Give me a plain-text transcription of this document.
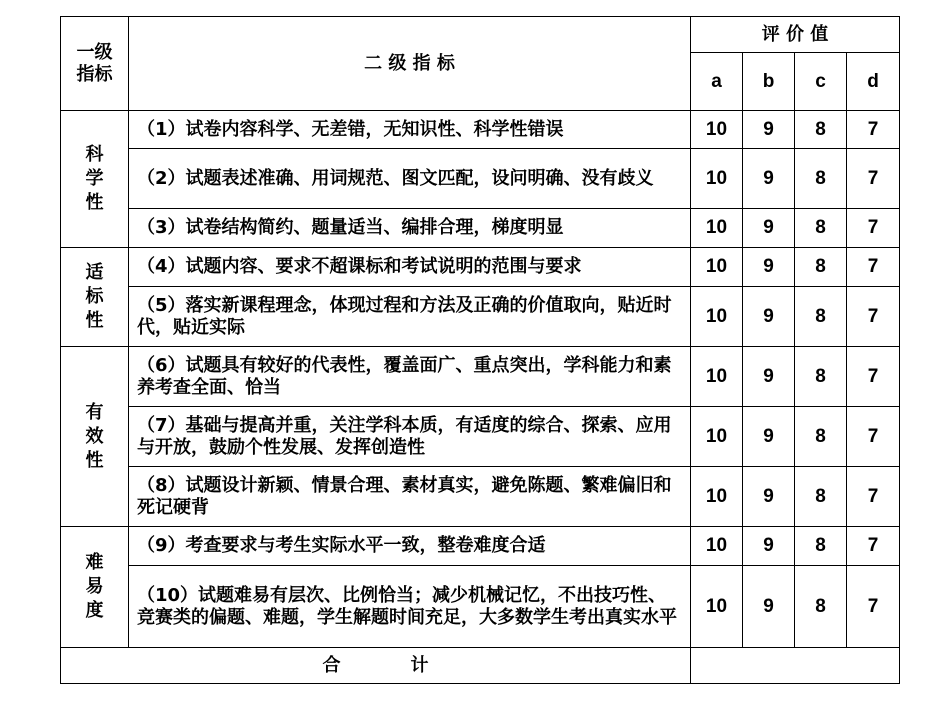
一级指标	二 级 指 标	评 价 值			
		a	b	c	d

科学性	（1）试卷内容科学、无差错，无知识性、科学性错误	10	9	8	7
	（2）试题表述准确、用词规范、图文匹配，设问明确、没有歧义	10	9	8	7
	（3）试卷结构简约、题量适当、编排合理，梯度明显	10	9	8	7

适标性	（4）试题内容、要求不超课标和考试说明的范围与要求	10	9	8	7
	（5）落实新课程理念，体现过程和方法及正确的价值取向，贴近时代，贴近实际	10	9	8	7

有效性	（6）试题具有较好的代表性，覆盖面广、重点突出，学科能力和素养考查全面、恰当	10	9	8	7
	（7）基础与提高并重，关注学科本质，有适度的综合、探索、应用与开放，鼓励个性发展、发挥创造性	10	9	8	7
	（8）试题设计新颖、情景合理、素材真实，避免陈题、繁难偏旧和死记硬背	10	9	8	7

难易度	（9）考查要求与考生实际水平一致，整卷难度合适	10	9	8	7
	（10）试题难易有层次、比例恰当；减少机械记忆，不出技巧性、竞赛类的偏题、难题，学生解题时间充足，大多数学生考出真实水平	10	9	8	7
合计					
